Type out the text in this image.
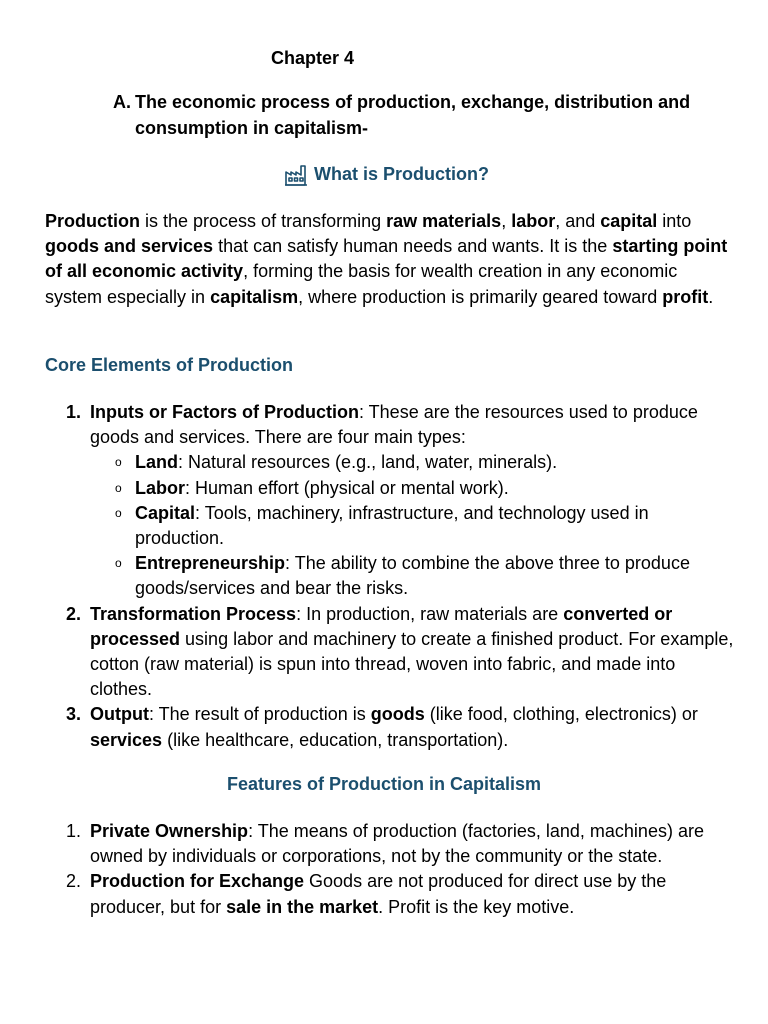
Chapter 4
A. The economic process of production, exchange, distribution and consumption in capitalism-
What is Production?
Production is the process of transforming raw materials, labor, and capital into goods and services that can satisfy human needs and wants. It is the starting point of all economic activity, forming the basis for wealth creation in any economic system especially in capitalism, where production is primarily geared toward profit.
Core Elements of Production
1. Inputs or Factors of Production: These are the resources used to produce goods and services. There are four main types:
o Land: Natural resources (e.g., land, water, minerals).
o Labor: Human effort (physical or mental work).
o Capital: Tools, machinery, infrastructure, and technology used in production.
o Entrepreneurship: The ability to combine the above three to produce goods/services and bear the risks.
2. Transformation Process: In production, raw materials are converted or processed using labor and machinery to create a finished product. For example, cotton (raw material) is spun into thread, woven into fabric, and made into clothes.
3. Output: The result of production is goods (like food, clothing, electronics) or services (like healthcare, education, transportation).
Features of Production in Capitalism
1. Private Ownership: The means of production (factories, land, machines) are owned by individuals or corporations, not by the community or the state.
2. Production for Exchange Goods are not produced for direct use by the producer, but for sale in the market. Profit is the key motive.
